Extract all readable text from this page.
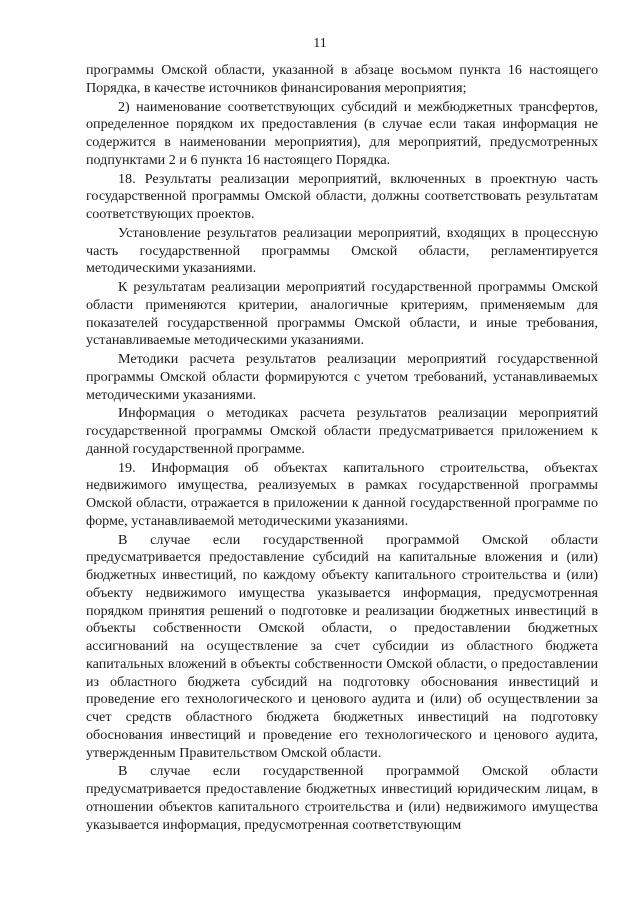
11

программы Омской области, указанной в абзаце восьмом пункта 16 настоящего Порядка, в качестве источников финансирования мероприятия;

2) наименование соответствующих субсидий и межбюджетных трансфертов, определенное порядком их предоставления (в случае если такая информация не содержится в наименовании мероприятия), для мероприятий, предусмотренных подпунктами 2 и 6 пункта 16 настоящего Порядка.

18. Результаты реализации мероприятий, включенных в проектную часть государственной программы Омской области, должны соответствовать результатам соответствующих проектов.

Установление результатов реализации мероприятий, входящих в процессную часть государственной программы Омской области, регламентируется методическими указаниями.

К результатам реализации мероприятий государственной программы Омской области применяются критерии, аналогичные критериям, применяемым для показателей государственной программы Омской области, и иные требования, устанавливаемые методическими указаниями.

Методики расчета результатов реализации мероприятий государственной программы Омской области формируются с учетом требований, устанавливаемых методическими указаниями.

Информация о методиках расчета результатов реализации мероприятий государственной программы Омской области предусматривается приложением к данной государственной программе.

19. Информация об объектах капитального строительства, объектах недвижимого имущества, реализуемых в рамках государственной программы Омской области, отражается в приложении к данной государственной программе по форме, устанавливаемой методическими указаниями.

В случае если государственной программой Омской области предусматривается предоставление субсидий на капитальные вложения и (или) бюджетных инвестиций, по каждому объекту капитального строительства и (или) объекту недвижимого имущества указывается информация, предусмотренная порядком принятия решений о подготовке и реализации бюджетных инвестиций в объекты собственности Омской области, о предоставлении бюджетных ассигнований на осуществление за счет субсидии из областного бюджета капитальных вложений в объекты собственности Омской области, о предоставлении из областного бюджета субсидий на подготовку обоснования инвестиций и проведение его технологического и ценового аудита и (или) об осуществлении за счет средств областного бюджета бюджетных инвестиций на подготовку обоснования инвестиций и проведение его технологического и ценового аудита, утвержденным Правительством Омской области.

В случае если государственной программой Омской области предусматривается предоставление бюджетных инвестиций юридическим лицам, в отношении объектов капитального строительства и (или) недвижимого имущества указывается информация, предусмотренная соответствующим
